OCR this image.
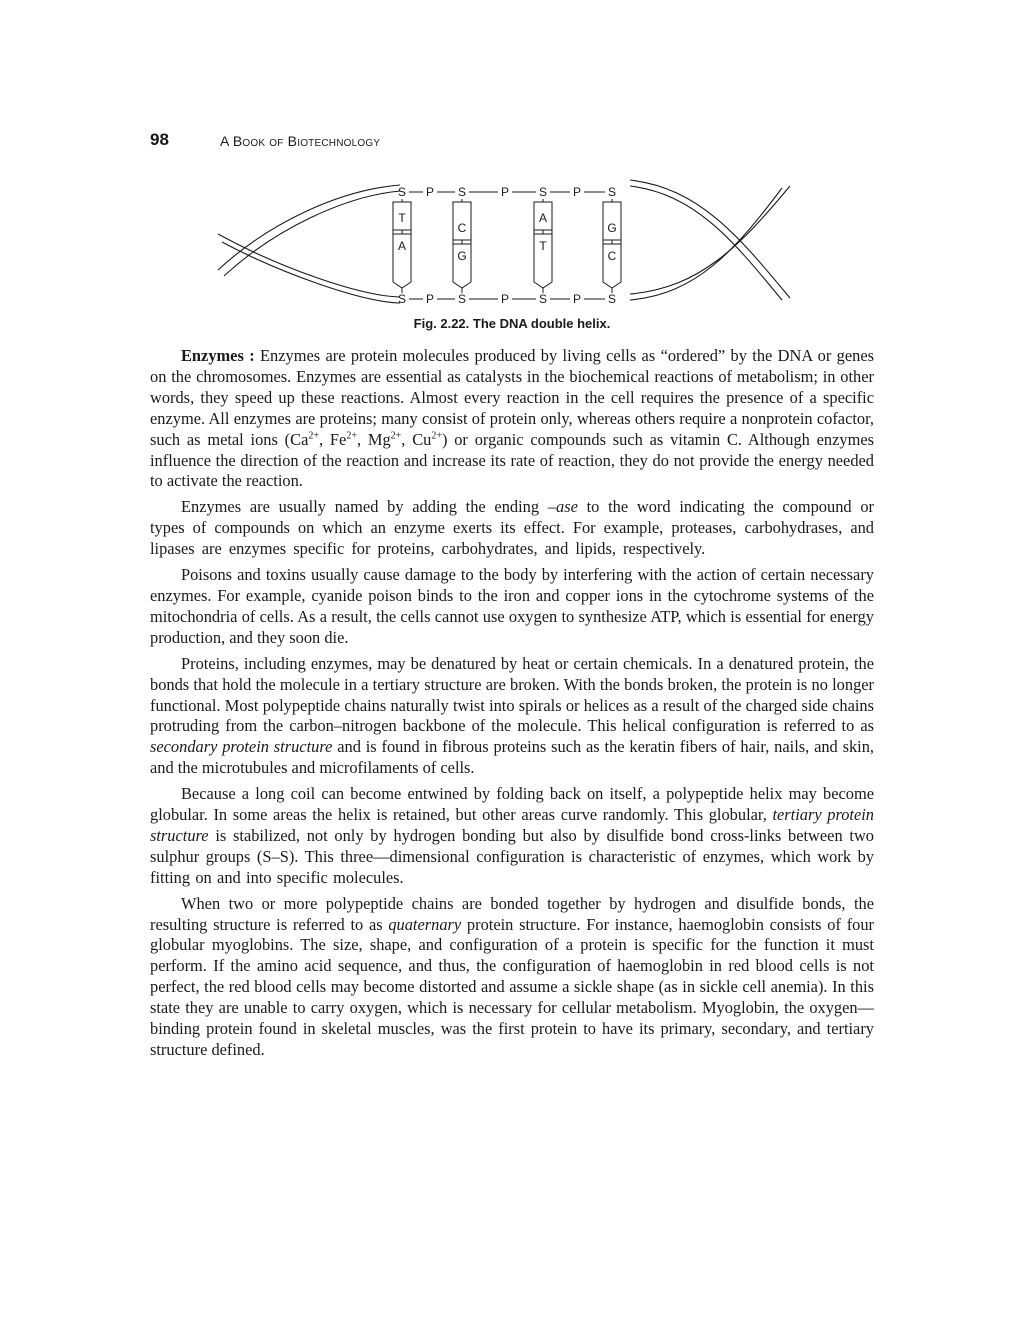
98	A Book of Biotechnology
S P S	P S P S
S P S	P S P S
T
A
C
G
A
T
G
C
Fig. 2.22. The DNA double helix.

Enzymes : Enzymes are protein molecules produced by living cells as “ordered” by the DNA or genes on the chromosomes. Enzymes are essential as catalysts in the biochemical reactions of metabolism; in other words, they speed up these reactions. Almost every reaction in the cell requires the presence of a specific enzyme. All enzymes are proteins; many consist of protein only, whereas others require a nonprotein cofactor, such as metal ions ($Ca^{2+}$, $Fe^{2+}$, $Mg^{2+}$, $Cu^{2+}$) or organic compounds such as vitamin C. Although enzymes influence the direction of the reaction and increase its rate of reaction, they do not provide the energy needed to activate the reaction.

Enzymes are usually named by adding the ending –ase to the word indicating the compound or types of compounds on which an enzyme exerts its effect. For example, proteases, carbohydrases, and lipases are enzymes specific for proteins, carbohydrates, and lipids, respectively.

Poisons and toxins usually cause damage to the body by interfering with the action of certain necessary enzymes. For example, cyanide poison binds to the iron and copper ions in the cytochrome systems of the mitochondria of cells. As a result, the cells cannot use oxygen to synthesize ATP, which is essential for energy production, and they soon die.

Proteins, including enzymes, may be denatured by heat or certain chemicals. In a denatured protein, the bonds that hold the molecule in a tertiary structure are broken. With the bonds broken, the protein is no longer functional. Most polypeptide chains naturally twist into spirals or helices as a result of the charged side chains protruding from the carbon–nitrogen backbone of the molecule. This helical configuration is referred to as secondary protein structure and is found in fibrous proteins such as the keratin fibers of hair, nails, and skin, and the microtubules and microfilaments of cells.

Because a long coil can become entwined by folding back on itself, a polypeptide helix may become globular. In some areas the helix is retained, but other areas curve randomly. This globular, tertiary protein structure is stabilized, not only by hydrogen bonding but also by disulfide bond cross-links between two sulphur groups (S–S). This three—dimensional configuration is characteristic of enzymes, which work by fitting on and into specific molecules.

When two or more polypeptide chains are bonded together by hydrogen and disulfide bonds, the resulting structure is referred to as quaternary protein structure. For instance, haemoglobin consists of four globular myoglobins. The size, shape, and configuration of a protein is specific for the function it must perform. If the amino acid sequence, and thus, the configuration of haemoglobin in red blood cells is not perfect, the red blood cells may become distorted and assume a sickle shape (as in sickle cell anemia). In this state they are unable to carry oxygen, which is necessary for cellular metabolism. Myoglobin, the oxygen—binding protein found in skeletal muscles, was the first protein to have its primary, secondary, and tertiary structure defined.
